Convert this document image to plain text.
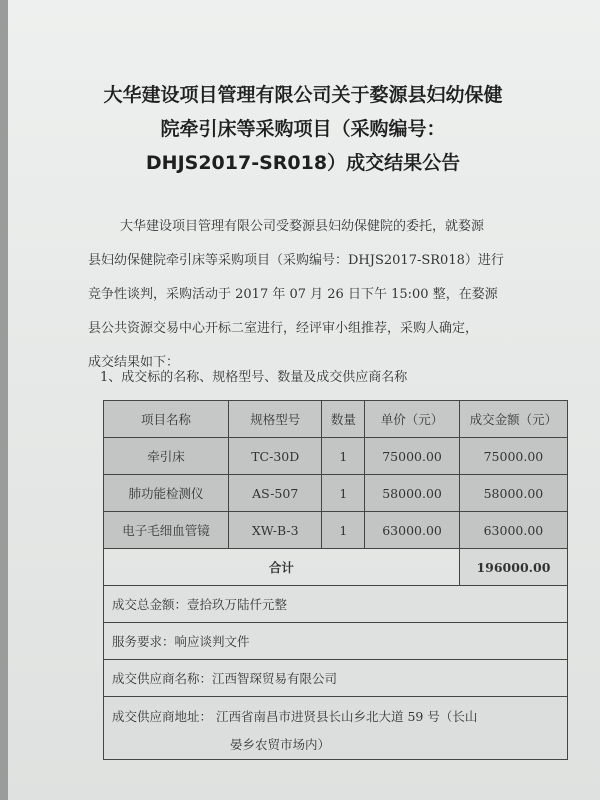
大华建设项目管理有限公司关于婺源县妇幼保健
院牵引床等采购项目（采购编号：
DHJS2017-SR018）成交结果公告
大华建设项目管理有限公司受婺源县妇幼保健院的委托，就婺源
县妇幼保健院牵引床等采购项目（采购编号：DHJS2017-SR018）进行
竞争性谈判，采购活动于 2017 年 07 月 26 日下午 15:00 整，在婺源
县公共资源交易中心开标二室进行，经评审小组推荐，采购人确定，
成交结果如下：
1、成交标的名称、规格型号、数量及成交供应商名称
项目名称	规格型号	数量	单价（元）	成交金额（元）
牵引床	TC-30D	1	75000.00	75000.00
肺功能检测仪	AS-507	1	58000.00	58000.00
电子毛细血管镜	XW-B-3	1	63000.00	63000.00
合计				196000.00
成交总金额：壹拾玖万陆仟元整				
服务要求：响应谈判文件				
成交供应商名称：江西智琛贸易有限公司				
成交供应商地址： 江西省南昌市进贤县长山乡北大道 59 号（长山
晏乡农贸市场内）				
